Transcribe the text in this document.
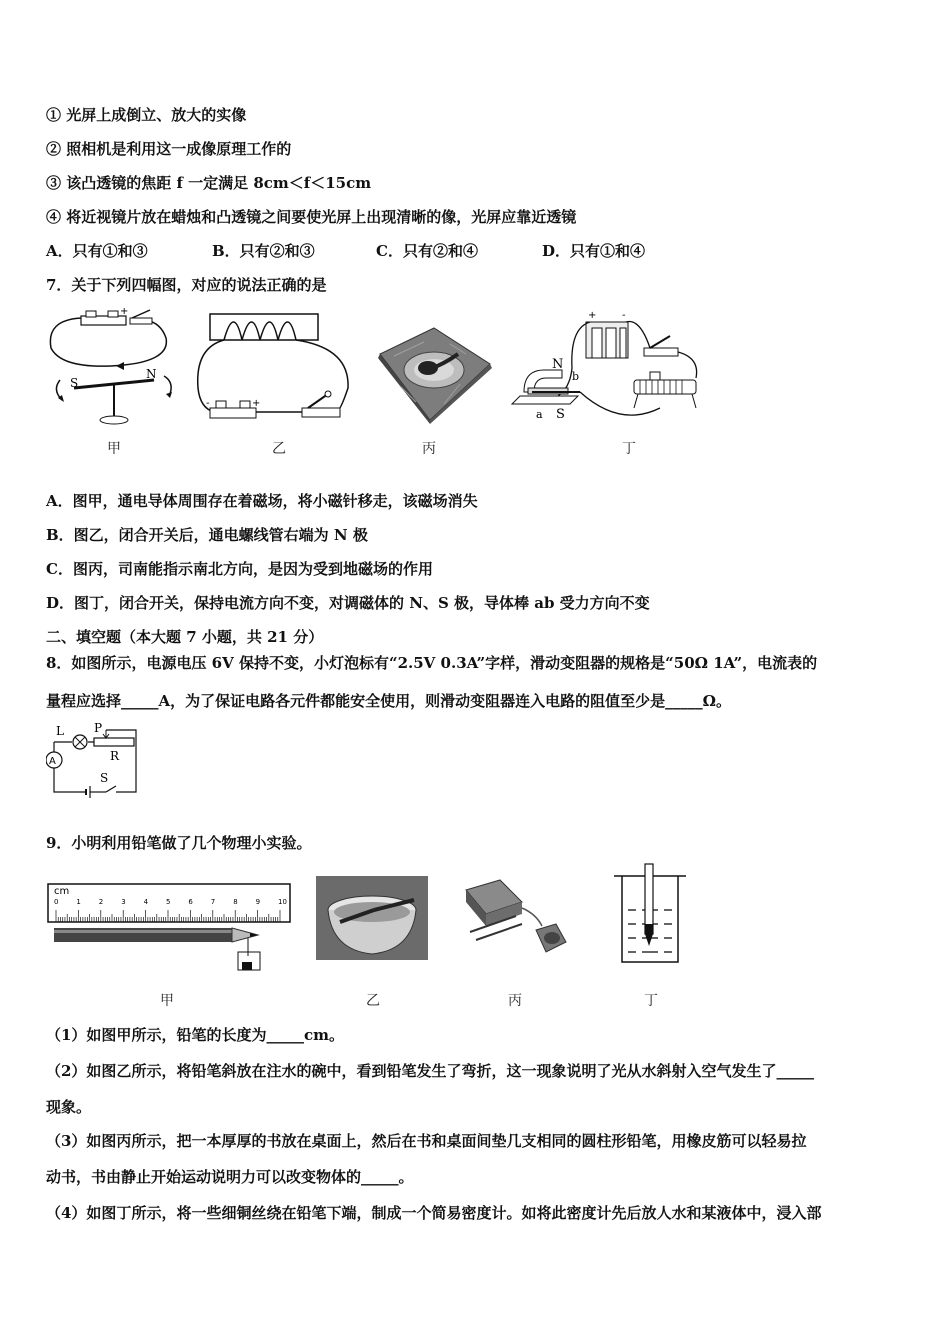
① 光屏上成倒立、放大的实像
② 照相机是利用这一成像原理工作的
③ 该凸透镜的焦距 f 一定满足 8cm＜f＜15cm
④ 将近视镜片放在蜡烛和凸透镜之间要使光屏上出现清晰的像，光屏应靠近透镜
A．只有①和③	B．只有②和③	C．只有②和④	D．只有①和④
7．关于下列四幅图，对应的说法正确的是
- +
S
N
甲
-	+
乙	丙
+	-
N
S
b
a
丁
A．图甲，通电导体周围存在着磁场，将小磁针移走，该磁场消失
B．图乙，闭合开关后，通电螺线管右端为 N 极
C．图丙，司南能指示南北方向，是因为受到地磁场的作用
D．图丁，闭合开关，保持电流方向不变，对调磁体的 N、S 极，导体棒 ab 受力方向不变
二、填空题（本大题 7 小题，共 21 分）
8．如图所示，电源电压 6V 保持不变，小灯泡标有“2.5V 0.3A”字样，滑动变阻器的规格是“50Ω 1A”，电流表的
量程应选择_____A，为了保证电路各元件都能安全使用，则滑动变阻器连入电路的阻值至少是_____Ω。
A
L	P
R
S
9．小明利用铅笔做了几个物理小实验。
cm
0	1	2	3	4	5	6	7	8	9	10
甲	乙	丙	丁
（1）如图甲所示，铅笔的长度为_____cm。
（2）如图乙所示，将铅笔斜放在注水的碗中，看到铅笔发生了弯折，这一现象说明了光从水斜射入空气发生了_____
现象。
（3）如图丙所示，把一本厚厚的书放在桌面上，然后在书和桌面间垫几支相同的圆柱形铅笔，用橡皮筋可以轻易拉
动书，书由静止开始运动说明力可以改变物体的_____。
（4）如图丁所示，将一些细铜丝绕在铅笔下端，制成一个简易密度计。如将此密度计先后放人水和某液体中，浸入部
